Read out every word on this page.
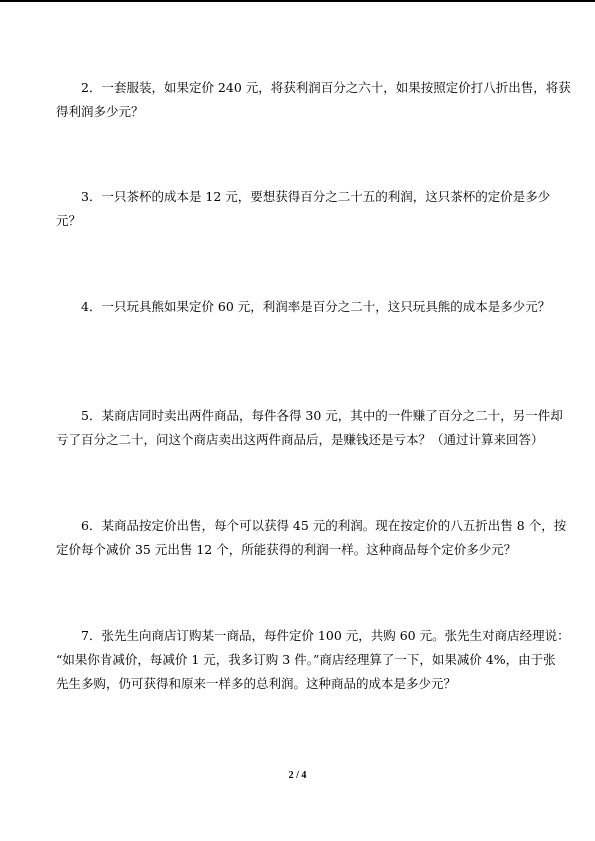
2．一套服装，如果定价 240 元，将获利润百分之六十，如果按照定价打八折出售，将获
得利润多少元？
3．一只茶杯的成本是 12 元，要想获得百分之二十五的利润，这只茶杯的定价是多少
元？
4．一只玩具熊如果定价 60 元，利润率是百分之二十，这只玩具熊的成本是多少元？
5．某商店同时卖出两件商品，每件各得 30 元，其中的一件赚了百分之二十，另一件却
亏了百分之二十，问这个商店卖出这两件商品后，是赚钱还是亏本？（通过计算来回答）
6．某商品按定价出售，每个可以获得 45 元的利润。现在按定价的八五折出售 8 个，按
定价每个减价 35 元出售 12 个，所能获得的利润一样。这种商品每个定价多少元？
7．张先生向商店订购某一商品，每件定价 100 元，共购 60 元。张先生对商店经理说：
“如果你肯减价，每减价 1 元，我多订购 3 件。”商店经理算了一下，如果减价 4%，由于张
先生多购，仍可获得和原来一样多的总利润。这种商品的成本是多少元？
2 / 4
